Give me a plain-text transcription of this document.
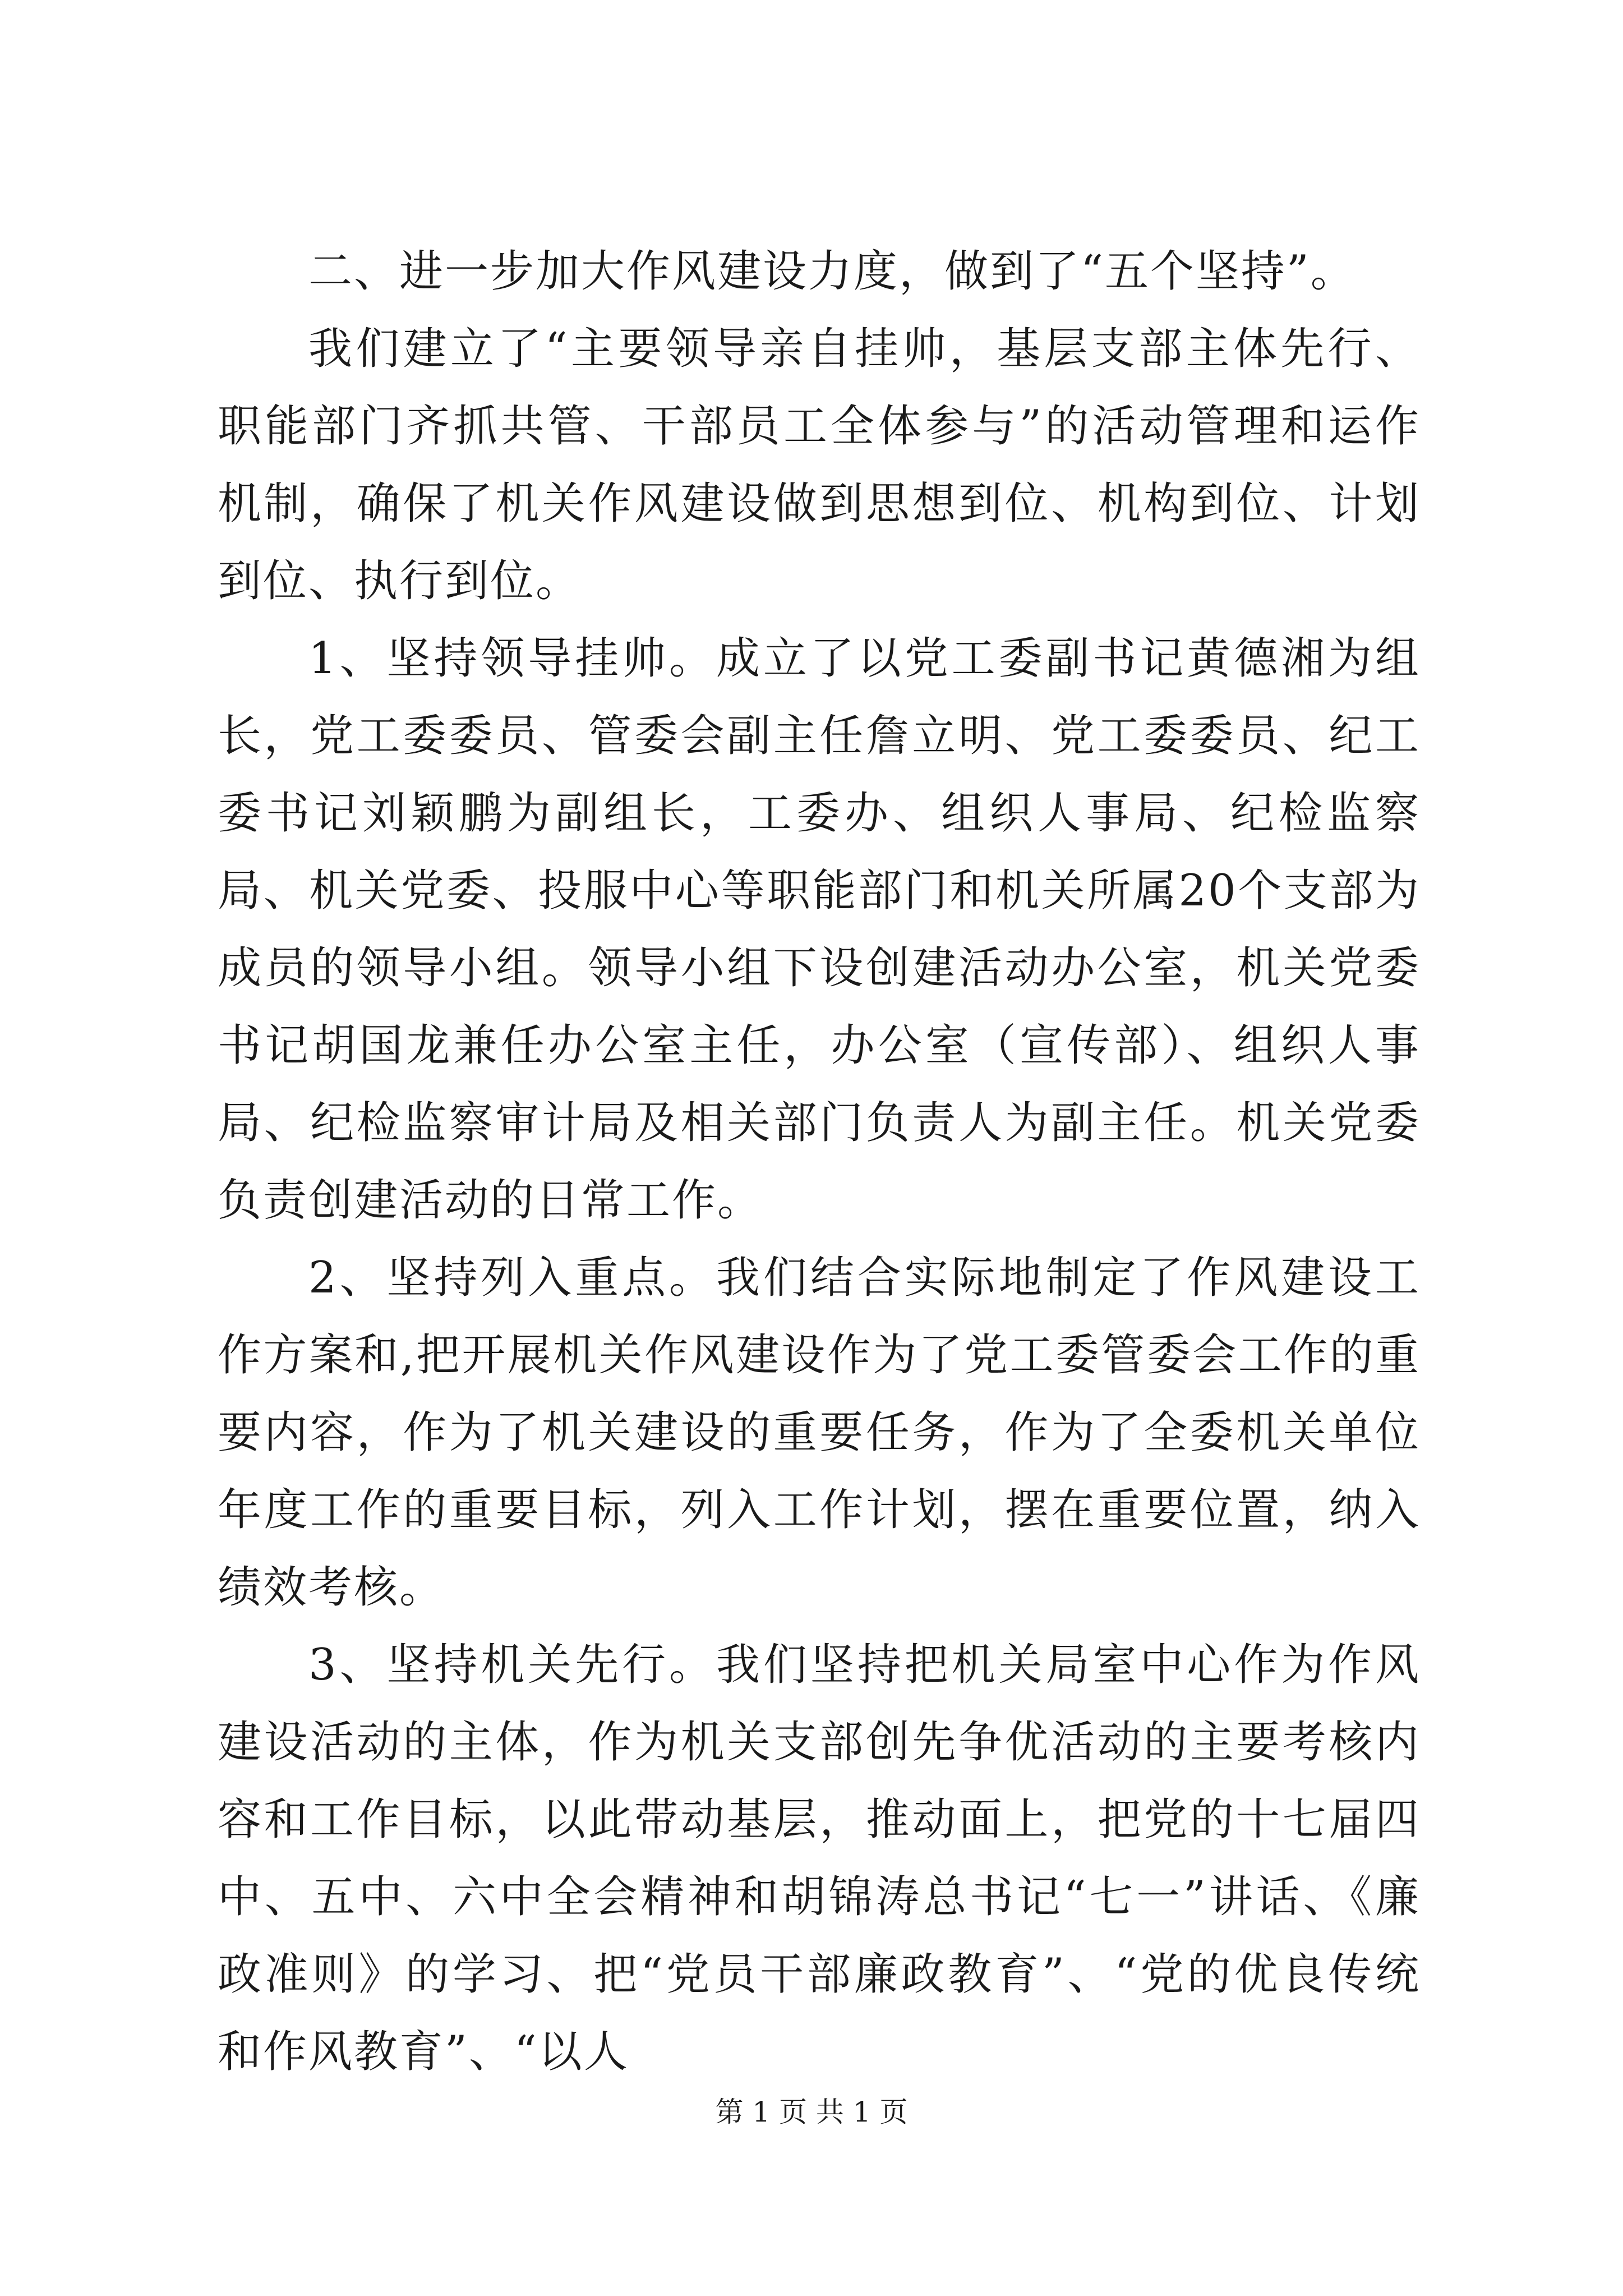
二、进一步加大作风建设力度，做到了“五个坚持”。

我们建立了“主要领导亲自挂帅，基层支部主体先行、职能部门齐抓共管、干部员工全体参与”的活动管理和运作机制，确保了机关作风建设做到思想到位、机构到位、计划到位、执行到位。

1、坚持领导挂帅。成立了以党工委副书记黄德湘为组长，党工委委员、管委会副主任詹立明、党工委委员、纪工委书记刘颖鹏为副组长，工委办、组织人事局、纪检监察局、机关党委、投服中心等职能部门和机关所属20个支部为成员的领导小组。领导小组下设创建活动办公室，机关党委书记胡国龙兼任办公室主任，办公室（宣传部）、组织人事局、纪检监察审计局及相关部门负责人为副主任。机关党委负责创建活动的日常工作。

2、坚持列入重点。我们结合实际地制定了作风建设工作方案和,把开展机关作风建设作为了党工委管委会工作的重要内容，作为了机关建设的重要任务，作为了全委机关单位年度工作的重要目标，列入工作计划，摆在重要位置，纳入绩效考核。

3、坚持机关先行。我们坚持把机关局室中心作为作风建设活动的主体，作为机关支部创先争优活动的主要考核内容和工作目标，以此带动基层，推动面上，把党的十七届四中、五中、六中全会精神和胡锦涛总书记“七一”讲话、《廉政准则》的学习、把“党员干部廉政教育”、“党的优良传统和作风教育”、“以人

第 1 页 共 1 页
